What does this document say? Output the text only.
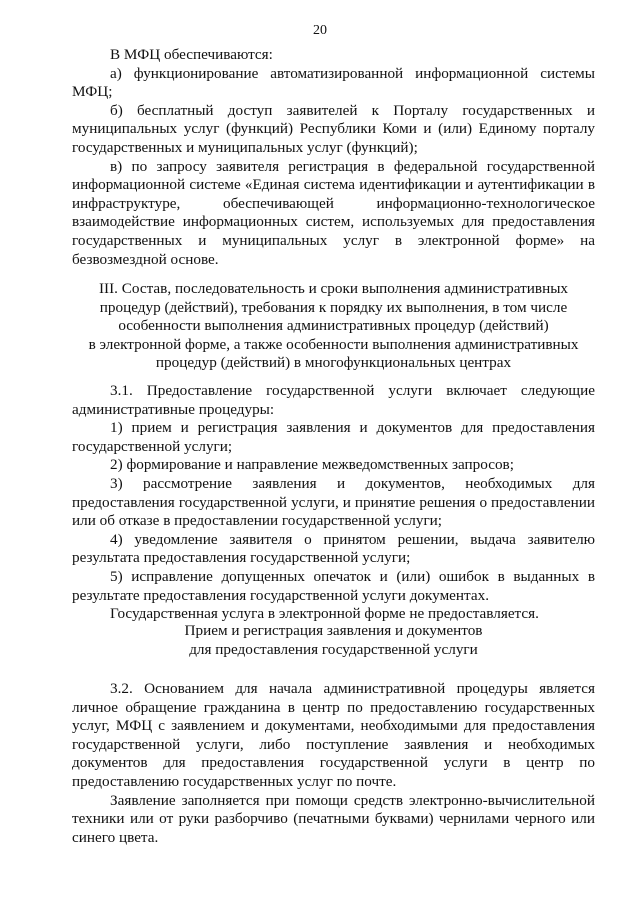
20

В МФЦ обеспечиваются:

а) функционирование автоматизированной информационной системы МФЦ;

б) бесплатный доступ заявителей к Порталу государственных и муниципальных услуг (функций) Республики Коми и (или) Единому порталу государственных и муниципальных услуг (функций);

в) по запросу заявителя регистрация в федеральной государственной информационной системе «Единая система идентификации и аутентификации в инфраструктуре, обеспечивающей информационно-технологическое взаимодействие информационных систем, используемых для предоставления государственных и муниципальных услуг в электронной форме» на безвозмездной основе.

III. Состав, последовательность и сроки выполнения административных
процедур (действий), требования к порядку их выполнения, в том числе
особенности выполнения административных процедур (действий)
в электронной форме, а также особенности выполнения административных
процедур (действий) в многофункциональных центрах

3.1. Предоставление государственной услуги включает следующие административные процедуры:

1) прием и регистрация заявления и документов для предоставления государственной услуги;

2) формирование и направление межведомственных запросов;

3) рассмотрение заявления и документов, необходимых для предоставления государственной услуги, и принятие решения о предоставлении или об отказе в предоставлении государственной услуги;

4) уведомление заявителя о принятом решении, выдача заявителю результата предоставления государственной услуги;

5) исправление допущенных опечаток и (или) ошибок в выданных в результате предоставления государственной услуги документах.

Государственная услуга в электронной форме не предоставляется.

Прием и регистрация заявления и документов
для предоставления государственной услуги

3.2. Основанием для начала административной процедуры является личное обращение гражданина в центр по предоставлению государственных услуг, МФЦ с заявлением и документами, необходимыми для предоставления государственной услуги, либо поступление заявления и необходимых документов для предоставления государственной услуги в центр по предоставлению государственных услуг по почте.

Заявление заполняется при помощи средств электронно-вычислительной техники или от руки разборчиво (печатными буквами) чернилами черного или синего цвета.
